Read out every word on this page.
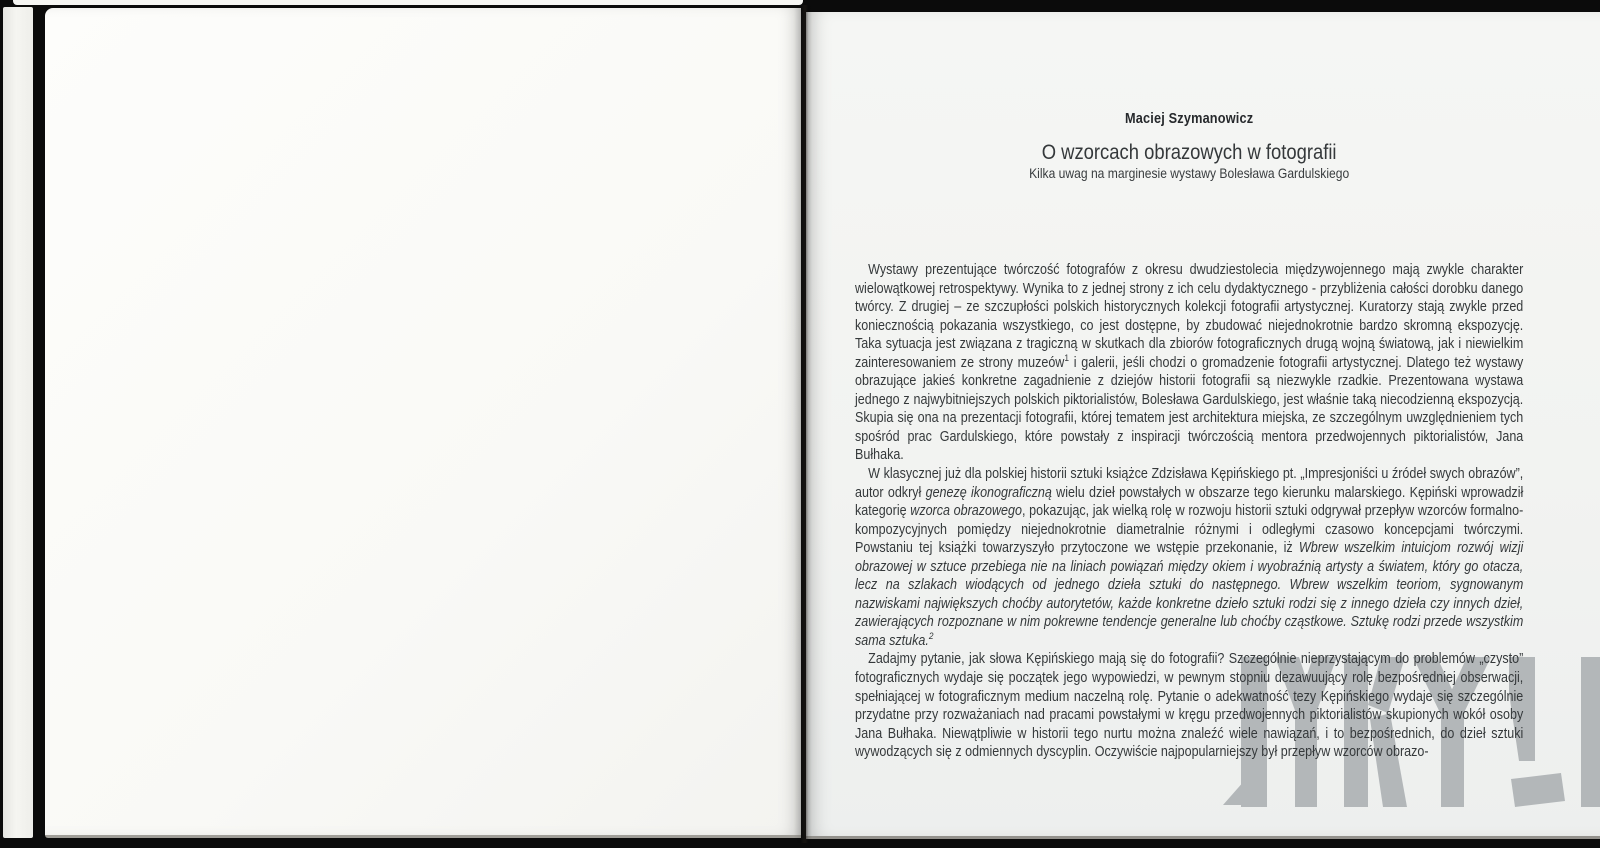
Maciej Szymanowicz
O wzorcach obrazowych w fotografii
Kilka uwag na marginesie wystawy Bolesława Gardulskiego

Wystawy prezentujące twórczość fotografów z okresu dwudziestolecia międzywojennego mają zwykle charakter wielowątkowej retrospektywy. Wynika to z jednej strony z ich celu dydaktycznego - przybliżenia całości dorobku danego twórcy. Z drugiej – ze szczupłości polskich historycznych kolekcji fotografii artystycznej. Kuratorzy stają zwykle przed koniecznością pokazania wszystkiego, co jest dostępne, by zbudować niejednokrotnie bardzo skromną ekspozycję. Taka sytuacja jest związana z tragiczną w skutkach dla zbiorów fotograficznych drugą wojną światową, jak i niewielkim zainteresowaniem ze strony muzeów$^1$ i galerii, jeśli chodzi o gromadzenie fotografii artystycznej. Dlatego też wystawy obrazujące jakieś konkretne zagadnienie z dziejów historii fotografii są niezwykle rzadkie. Prezentowana wystawa jednego z najwybitniejszych polskich piktorialistów, Bolesława Gardulskiego, jest właśnie taką niecodzienną ekspozycją. Skupia się ona na prezentacji fotografii, której tematem jest architektura miejska, ze szczególnym uwzględnieniem tych spośród prac Gardulskiego, które powstały z inspiracji twórczością mentora przedwojennych piktorialistów, Jana Bułhaka.

W klasycznej już dla polskiej historii sztuki książce Zdzisława Kępińskiego pt. „Impresjoniści u źródeł swych obrazów”, autor odkrył genezę ikonograficzną wielu dzieł powstałych w obszarze tego kierunku malarskiego. Kępiński wprowadził kategorię wzorca obrazowego, pokazując, jak wielką rolę w rozwoju historii sztuki odgrywał przepływ wzorców formalno-kompozycyjnych pomiędzy niejednokrotnie diametralnie różnymi i odległymi czasowo koncepcjami twórczymi. Powstaniu tej książki towarzyszyło przytoczone we wstępie przekonanie, iż Wbrew wszelkim intuicjom rozwój wizji obrazowej w sztuce przebiega nie na liniach powiązań między okiem i wyobraźnią artysty a światem, który go otacza, lecz na szlakach wiodących od jednego dzieła sztuki do następnego. Wbrew wszelkim teoriom, sygnowanym nazwiskami największych choćby autorytetów, każde konkretne dzieło sztuki rodzi się z innego dzieła czy innych dzieł, zawierających rozpoznane w nim pokrewne tendencje generalne lub choćby cząstkowe. Sztukę rodzi przede wszystkim sama sztuka.$^2$

Zadajmy pytanie, jak słowa Kępińskiego mają się do fotografii? Szczególnie nieprzystającym do problemów „czysto” fotograficznych wydaje się początek jego wypowiedzi, w pewnym stopniu dezawuujący rolę bezpośredniej obserwacji, spełniającej w fotograficznym medium naczelną rolę. Pytanie o adekwatność tezy Kępińskiego wydaje się szczególnie przydatne przy rozważaniach nad pracami powstałymi w kręgu przedwojennych piktorialistów skupionych wokół osoby Jana Bułhaka. Niewątpliwie w historii tego nurtu można znaleźć wiele nawiązań, i to bezpośrednich, do dzieł sztuki wywodzących się z odmiennych dyscyplin. Oczywiście najpopularniejszy był przepływ wzorców obrazo-
